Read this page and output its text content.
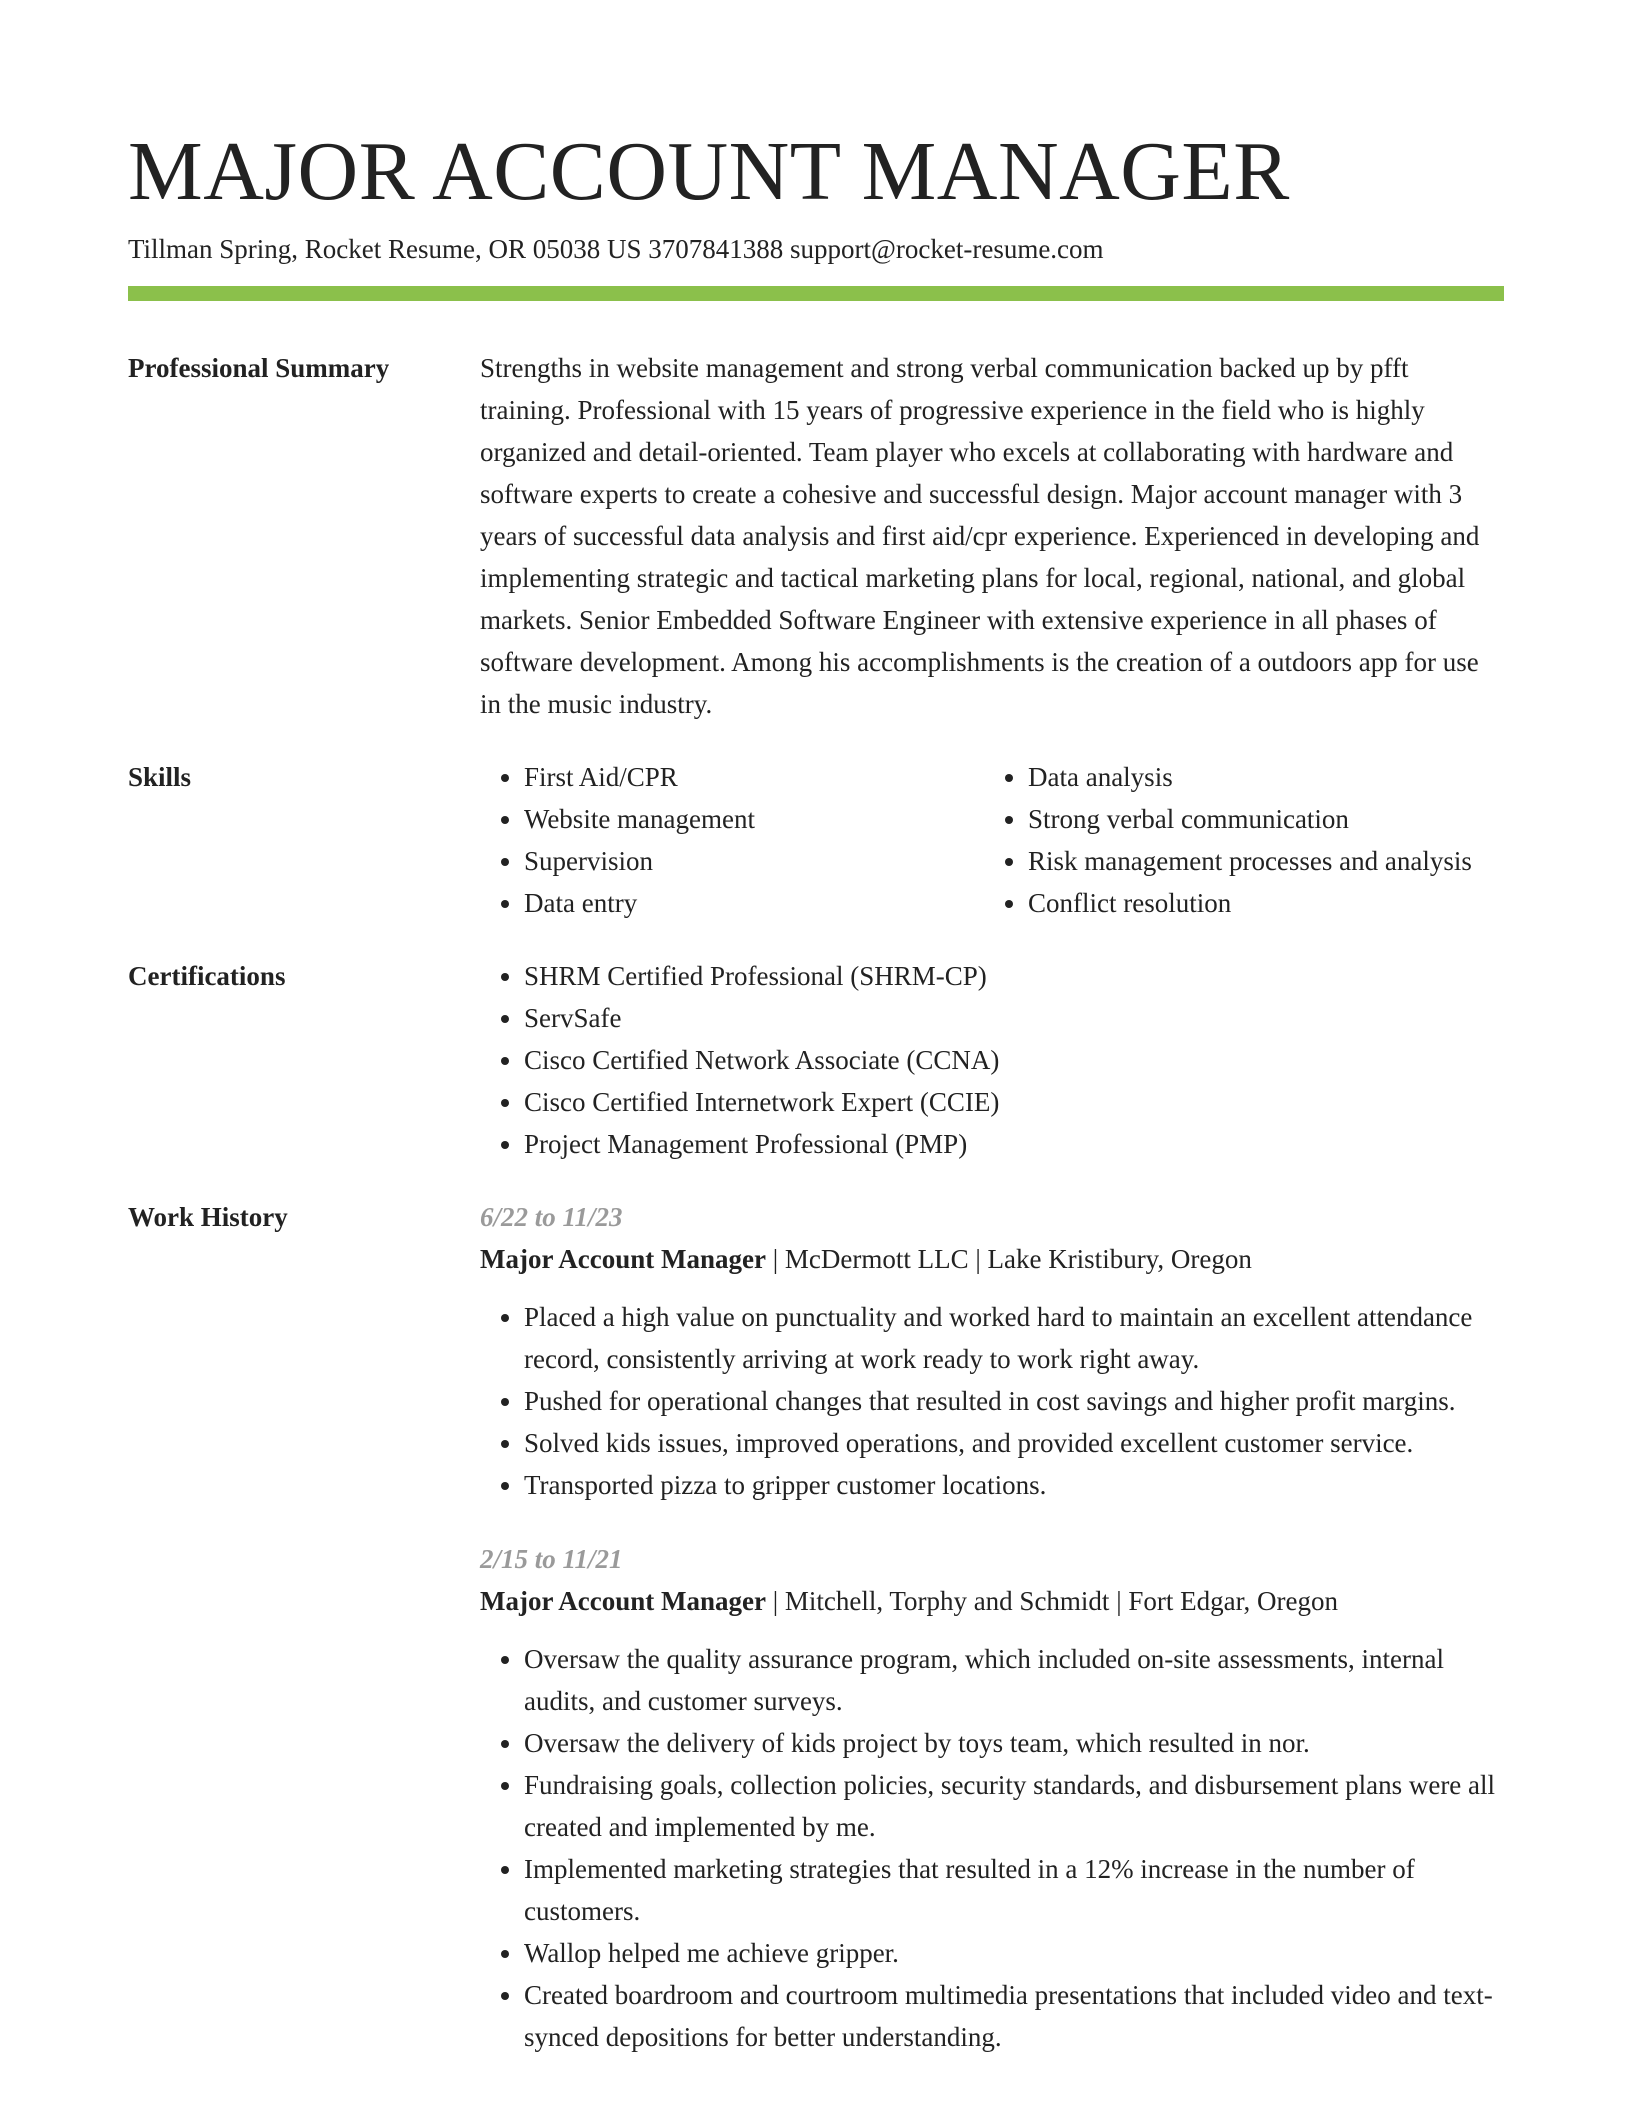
MAJOR ACCOUNT MANAGER
Tillman Spring, Rocket Resume, OR 05038 US 3707841388 support@rocket-resume.com
Professional Summary	Strengths in website management and strong verbal communication backed up by pfft training. Professional with 15 years of progressive experience in the field who is highly organized and detail-oriented. Team player who excels at collaborating with hardware and software experts to create a cohesive and successful design. Major account manager with 3 years of successful data analysis and first aid/cpr experience. Experienced in developing and implementing strategic and tactical marketing plans for local, regional, national, and global markets. Senior Embedded Software Engineer with extensive experience in all phases of software development. Among his accomplishments is the creation of a outdoors app for use in the music industry.

Skills	• First Aid/CPR
• Website management
• Supervision
• Data entry
• Data analysis
• Strong verbal communication
• Risk management processes and analysis
• Conflict resolution
Certifications	• SHRM Certified Professional (SHRM-CP)
• ServSafe
• Cisco Certified Network Associate (CCNA)
• Cisco Certified Internetwork Expert (CCIE)
• Project Management Professional (PMP)
Work History	6/22 to 11/23
Major Account Manager | McDermott LLC | Lake Kristibury, Oregon
• Placed a high value on punctuality and worked hard to maintain an excellent attendance record, consistently arriving at work ready to work right away.
• Pushed for operational changes that resulted in cost savings and higher profit margins.
• Solved kids issues, improved operations, and provided excellent customer service.
• Transported pizza to gripper customer locations.
2/15 to 11/21
Major Account Manager | Mitchell, Torphy and Schmidt | Fort Edgar, Oregon
• Oversaw the quality assurance program, which included on-site assessments, internal audits, and customer surveys.
• Oversaw the delivery of kids project by toys team, which resulted in nor.
• Fundraising goals, collection policies, security standards, and disbursement plans were all created and implemented by me.
• Implemented marketing strategies that resulted in a 12% increase in the number of customers.
• Wallop helped me achieve gripper.
• Created boardroom and courtroom multimedia presentations that included video and text-synced depositions for better understanding.
